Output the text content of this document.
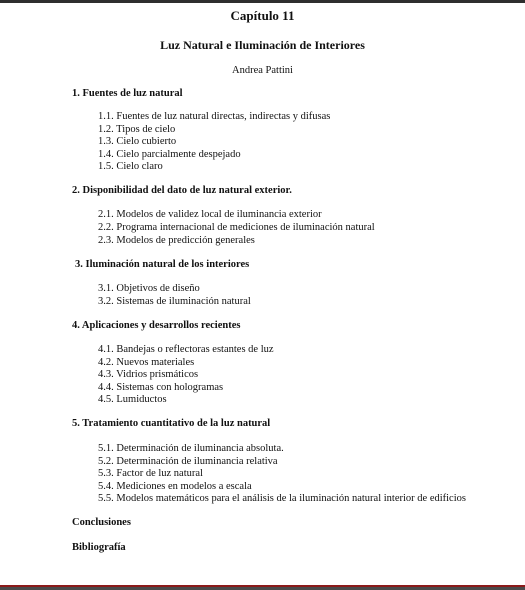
Capítulo 11
Luz Natural e Iluminación de Interiores
Andrea Pattini
1. Fuentes de luz natural
1.1. Fuentes de luz natural directas, indirectas y difusas
1.2. Tipos de cielo
1.3. Cielo cubierto
1.4. Cielo parcialmente despejado
1.5. Cielo claro
2. Disponibilidad del dato de luz natural exterior.
2.1. Modelos de validez local de iluminancia exterior
2.2. Programa internacional de mediciones de iluminación natural
2.3. Modelos de predicción generales
3. Iluminación natural de los interiores
3.1. Objetivos de diseño
3.2. Sistemas de iluminación natural
4. Aplicaciones y desarrollos recientes
4.1. Bandejas o reflectoras estantes de luz
4.2. Nuevos materiales
4.3. Vidrios prismáticos
4.4. Sistemas con hologramas
4.5. Lumiductos
5. Tratamiento cuantitativo de la luz natural
5.1. Determinación de iluminancia absoluta.
5.2. Determinación de iluminancia relativa
5.3. Factor de luz natural
5.4. Mediciones en modelos a escala
5.5. Modelos matemáticos para el análisis de la iluminación natural interior de edificios
Conclusiones
Bibliografía
